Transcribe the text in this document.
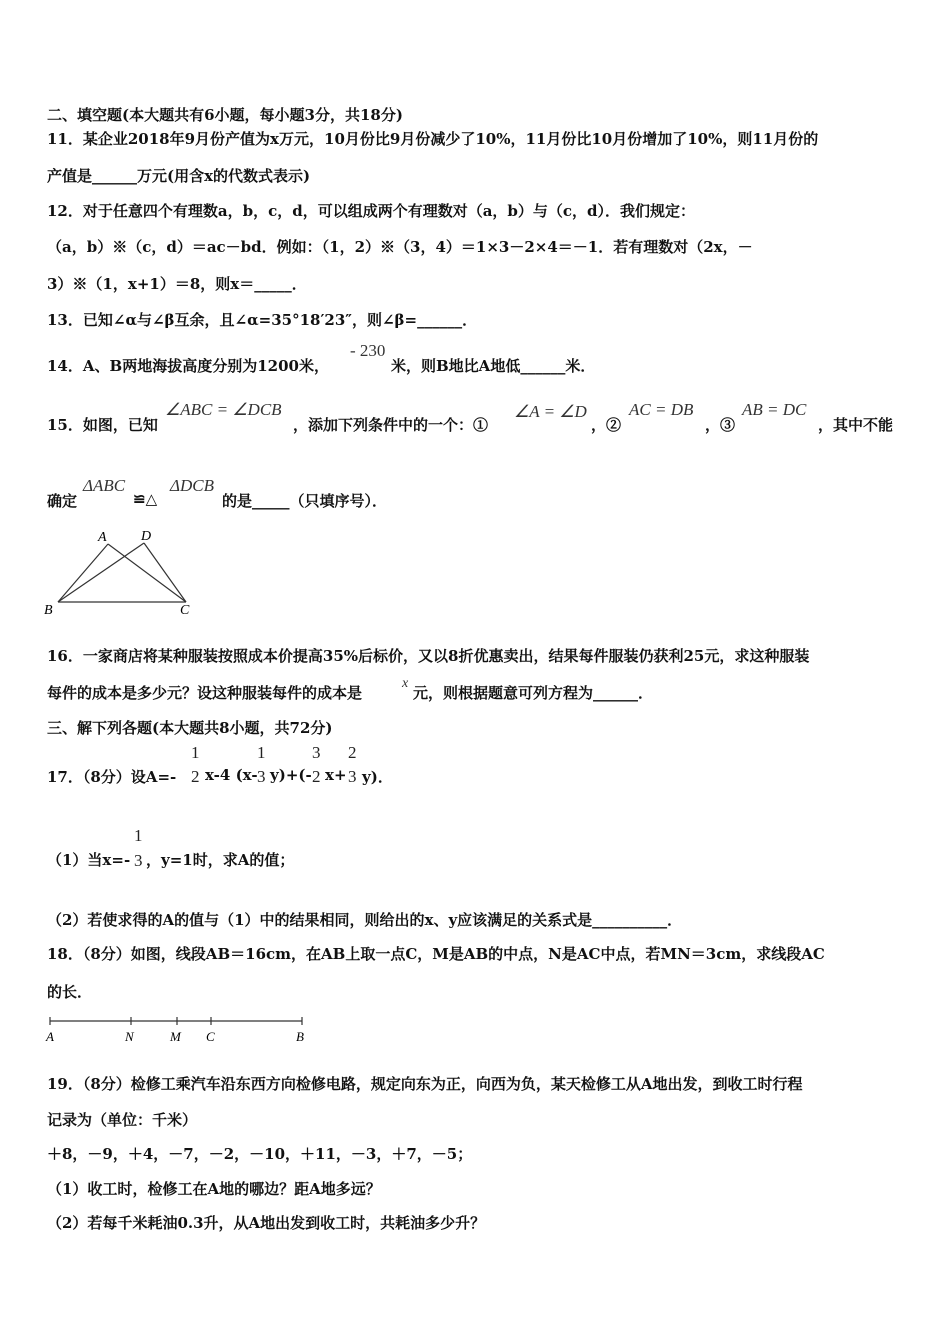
二、填空题(本大题共有6小题，每小题3分，共18分)
11．某企业2018年9月份产值为x万元，10月份比9月份减少了10%，11月份比10月份增加了10%，则11月份的
产值是______万元(用含x的代数式表示)
12．对于任意四个有理数a，b，c，d，可以组成两个有理数对（a，b）与（c，d）．我们规定：
（a，b）※（c，d）＝ac－bd．例如：（1，2）※（3，4）＝1×3－2×4＝－1．若有理数对（2x，－
3）※（1，x+1）＝8，则x＝_____．
13．已知∠α与∠β互余，且∠α=35°18′23″，则∠β=______．
14．A、B两地海拔高度分别为1200米，
- 230
米，则B地比A地低______米．
15．如图，已知
∠ABC = ∠DCB
，添加下列条件中的一个：①
∠A = ∠D
，②
AC = DB
，③
AB = DC
，其中不能
确定
ΔABC
≌△
ΔDCB
的是_____（只填序号）．
A D
B	C
16．一家商店将某种服装按照成本价提高35%后标价，又以8折优惠卖出，结果每件服装仍获利25元，求这种服装
每件的成本是多少元？设这种服装每件的成本是
x
元，则根据题意可列方程为______．
三、解下列各题(本大题共8小题，共72分)
17．（8分）设A=-
1
2 x-4 (x-
1
3 y)+(-
3
2 x+
2
3 y)．
（1）当x=-
1
3 ，y=1时，求A的值；
（2）若使求得的A的值与（1）中的结果相同，则给出的x、y应该满足的关系式是__________．
18．（8分）如图，线段AB＝16cm，在AB上取一点C，M是AB的中点，N是AC中点，若MN＝3cm，求线段AC
的长．
A	N	M C	B
19．（8分）检修工乘汽车沿东西方向检修电路，规定向东为正，向西为负，某天检修工从A地出发，到收工时行程
记录为（单位：千米）
＋8，－9，＋4，－7，－2，－10，＋11，－3，＋7，－5；
（1）收工时，检修工在A地的哪边？距A地多远？
（2）若每千米耗油0.3升，从A地出发到收工时，共耗油多少升？
